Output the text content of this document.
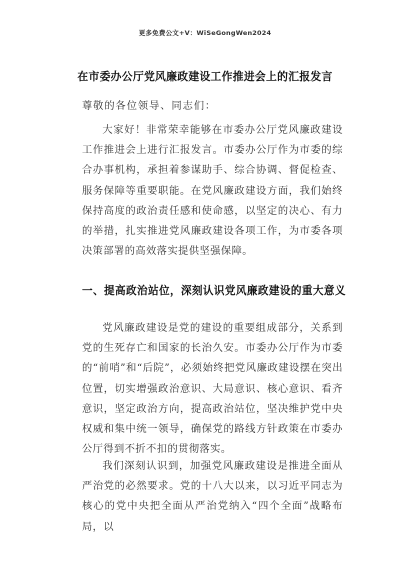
更多免费公文+V：WiSeGongWen2024
在市委办公厅党风廉政建设工作推进会上的汇报发言
尊敬的各位领导、同志们：

大家好！非常荣幸能够在市委办公厅党风廉政建设工作推进会上进行汇报发言。市委办公厅作为市委的综合办事机构，承担着参谋助手、综合协调、督促检查、服务保障等重要职能。在党风廉政建设方面，我们始终保持高度的政治责任感和使命感，以坚定的决心、有力的举措，扎实推进党风廉政建设各项工作，为市委各项决策部署的高效落实提供坚强保障。

一、提高政治站位，深刻认识党风廉政建设的重大意义

党风廉政建设是党的建设的重要组成部分，关系到党的生死存亡和国家的长治久安。市委办公厅作为市委的“前哨”和“后院”，必须始终把党风廉政建设摆在突出位置，切实增强政治意识、大局意识、核心意识、看齐意识，坚定政治方向，提高政治站位，坚决维护党中央权威和集中统一领导，确保党的路线方针政策在市委办公厅得到不折不扣的贯彻落实。

我们深刻认识到，加强党风廉政建设是推进全面从严治党的必然要求。党的十八大以来，以习近平同志为核心的党中央把全面从严治党纳入“四个全面”战略布局，以
